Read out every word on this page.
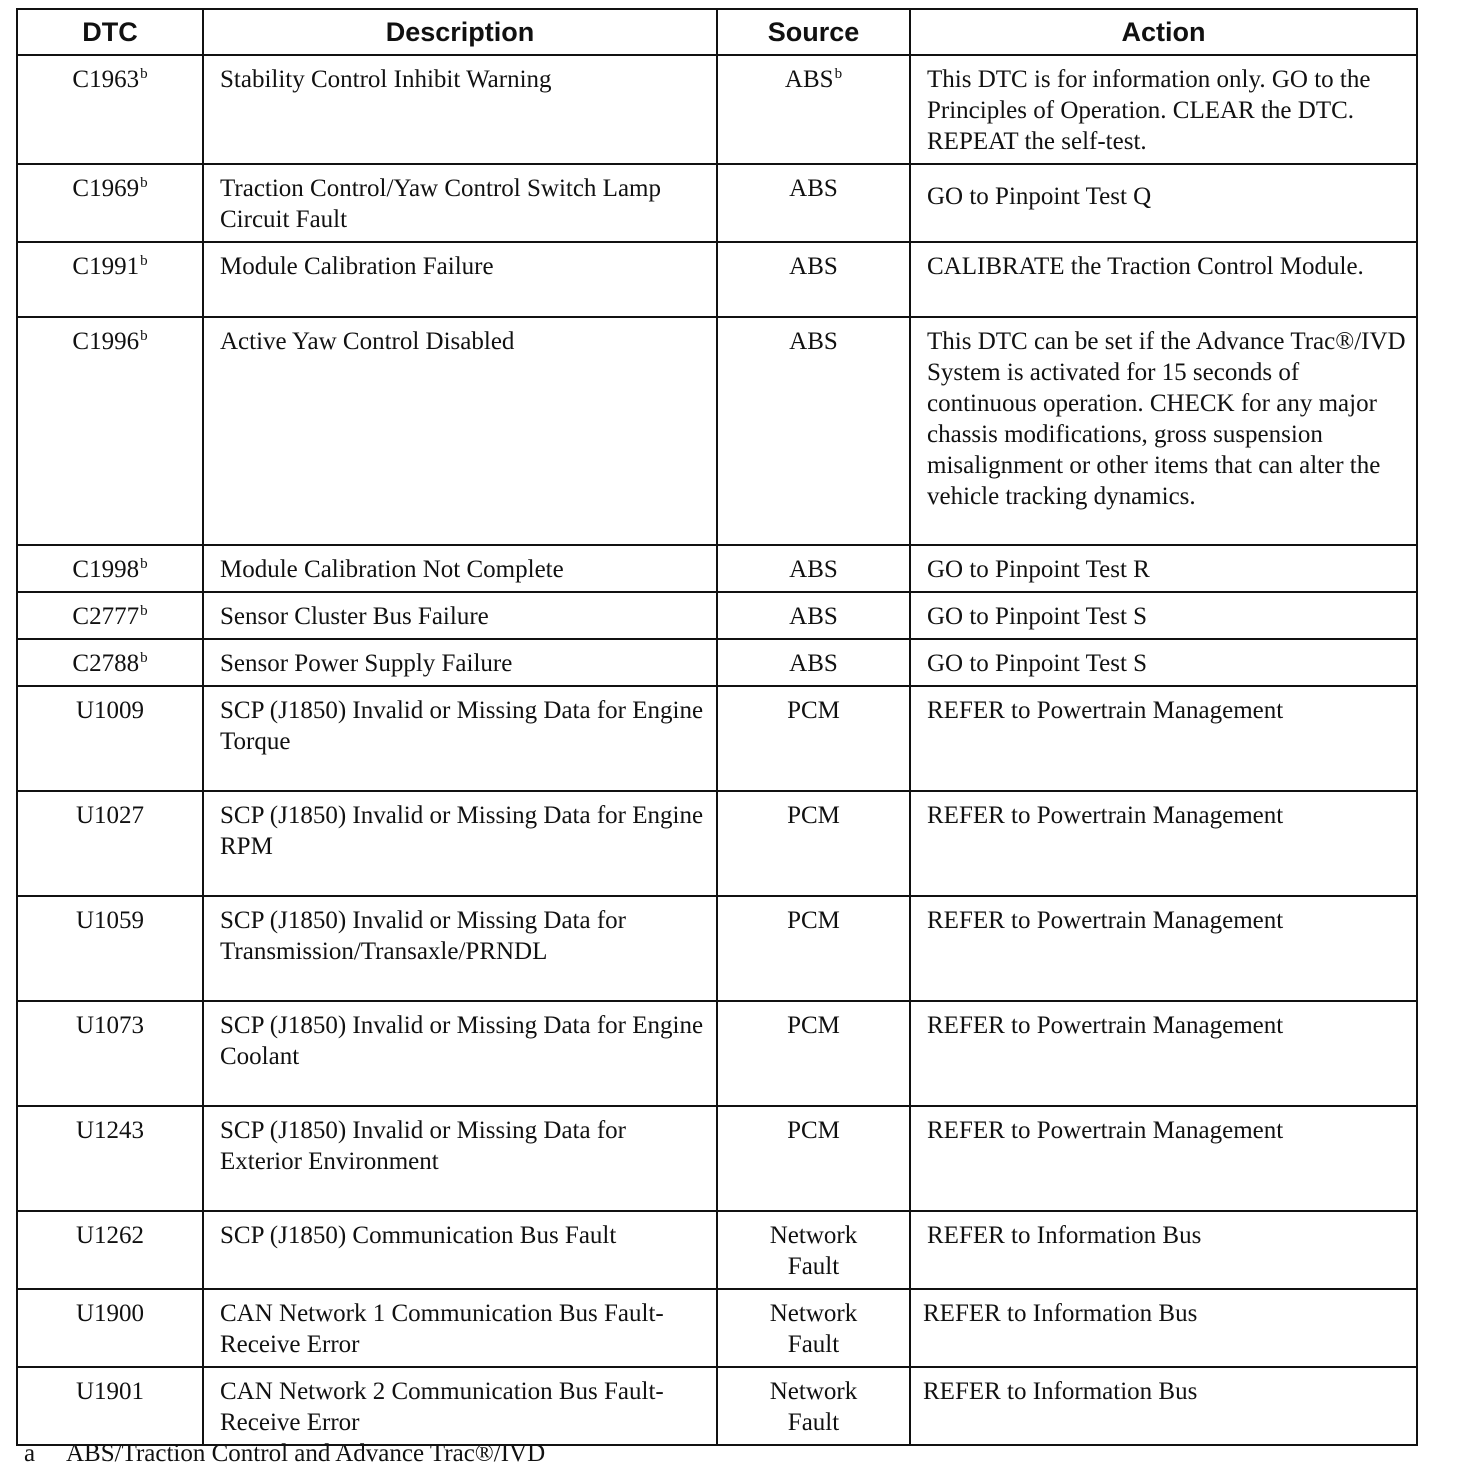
DTC	Description	Source	Action
C1963$^b$	Stability Control Inhibit Warning	ABS$^b$	This DTC is for information only. GO to the Principles of Operation. CLEAR the DTC. REPEAT the self-test.
C1969$^b$	Traction Control/Yaw Control Switch Lamp Circuit Fault	ABS	GO to Pinpoint Test Q
C1991$^b$	Module Calibration Failure	ABS	CALIBRATE the Traction Control Module.
C1996$^b$	Active Yaw Control Disabled	ABS	This DTC can be set if the Advance Trac®/IVD System is activated for 15 seconds of continuous operation. CHECK for any major chassis modifications, gross suspension misalignment or other items that can alter the vehicle tracking dynamics.
C1998$^b$	Module Calibration Not Complete	ABS	GO to Pinpoint Test R
C2777$^b$	Sensor Cluster Bus Failure	ABS	GO to Pinpoint Test S
C2788$^b$	Sensor Power Supply Failure	ABS	GO to Pinpoint Test S
U1009	SCP (J1850) Invalid or Missing Data for Engine Torque	PCM	REFER to Powertrain Management
U1027	SCP (J1850) Invalid or Missing Data for Engine RPM	PCM	REFER to Powertrain Management
U1059	SCP (J1850) Invalid or Missing Data for Transmission/Transaxle/PRNDL	PCM	REFER to Powertrain Management
U1073	SCP (J1850) Invalid or Missing Data for Engine Coolant	PCM	REFER to Powertrain Management
U1243	SCP (J1850) Invalid or Missing Data for Exterior Environment	PCM	REFER to Powertrain Management
U1262	SCP (J1850) Communication Bus Fault	Network Fault	REFER to Information Bus
U1900	CAN Network 1 Communication Bus Fault-Receive Error	Network Fault	REFER to Information Bus
U1901	CAN Network 2 Communication Bus Fault-Receive Error	Network Fault	REFER to Information Bus
a ABS/Traction Control and Advance Trac®/IVD
